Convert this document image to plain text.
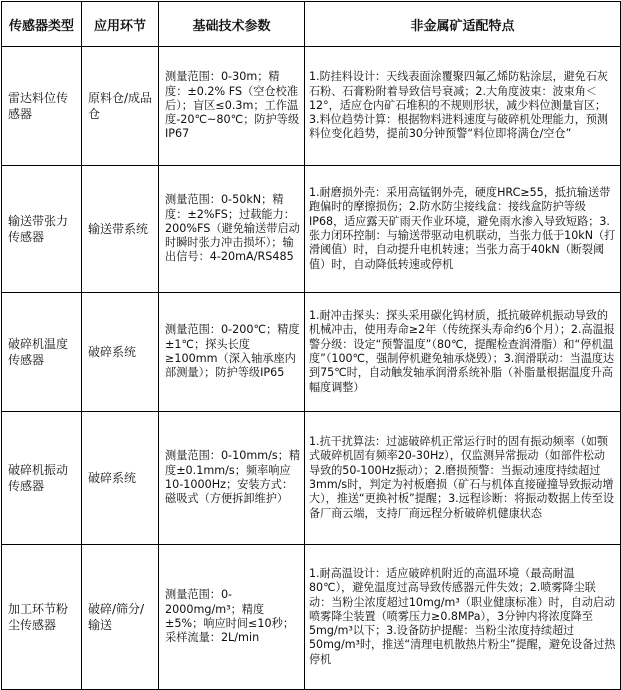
传感器类型	应用环节	基础技术参数	非金属矿适配特点
雷达料位传感器	原料仓/成品仓	测量范围：0-30m；精度：±0.2% FS（空仓校准后）；盲区≤0.3m；工作温度-20℃~80℃；防护等级IP67	1.防挂料设计：天线表面涂覆聚四氟乙烯防粘涂层，避免石灰石粉、石膏粉附着导致信号衰减；2.大角度波束：波束角＜12°，适应仓内矿石堆积的不规则形状，减少料位测量盲区；3.料位趋势计算：根据物料进料速度与破碎机处理能力，预测料位变化趋势，提前30分钟预警“料位即将满仓/空仓”
输送带张力传感器	输送带系统	测量范围：0-50kN；精度：±2%FS；过载能力：200%FS（避免输送带启动时瞬时张力冲击损坏）；输出信号：4-20mA/RS485	1.耐磨损外壳：采用高锰钢外壳，硬度HRC≥55，抵抗输送带跑偏时的摩擦损伤；2.防水防尘接线盒：接线盒防护等级IP68，适应露天矿雨天作业环境，避免雨水渗入导致短路；3.张力闭环控制：与输送带驱动电机联动，当张力低于10kN（打滑阈值）时，自动提升电机转速；当张力高于40kN（断裂阈值）时，自动降低转速或停机
破碎机温度传感器	破碎系统	测量范围：0-200℃；精度±1℃；探头长度≥100mm（深入轴承座内部测量）；防护等级IP65	1.耐冲击探头：探头采用碳化钨材质，抵抗破碎机振动导致的机械冲击，使用寿命≥2年（传统探头寿命约6个月）；2.高温报警分级：设定“预警温度”（80℃，提醒检查润滑脂）和“停机温度”（100℃，强制停机避免轴承烧毁）；3.润滑联动：当温度达到75℃时，自动触发轴承润滑系统补脂（补脂量根据温度升高幅度调整）
破碎机振动传感器	破碎系统	测量范围：0-10mm/s；精度±0.1mm/s；频率响应10-1000Hz；安装方式：磁吸式（方便拆卸维护）	1.抗干扰算法：过滤破碎机正常运行时的固有振动频率（如颚式破碎机固有频率20-30Hz），仅监测异常振动（如部件松动导致的50-100Hz振动）；2.磨损预警：当振动速度持续超过3mm/s时，判定为衬板磨损（矿石与机体直接碰撞导致振动增大），推送“更换衬板”提醒；3.远程诊断：将振动数据上传至设备厂商云端，支持厂商远程分析破碎机健康状态
加工环节粉尘传感器	破碎/筛分/输送	测量范围：0-2000mg/m³；精度±5%；响应时间≤10秒；采样流量：2L/min	1.耐高温设计：适应破碎机附近的高温环境（最高耐温80℃），避免温度过高导致传感器元件失效；2.喷雾降尘联动：当粉尘浓度超过10mg/m³（职业健康标准）时，自动启动喷雾降尘装置（喷雾压力≥0.8MPa），3分钟内将浓度降至5mg/m³以下；3.设备防护提醒：当粉尘浓度持续超过50mg/m³时，推送“清理电机散热片粉尘”提醒，避免设备过热停机
